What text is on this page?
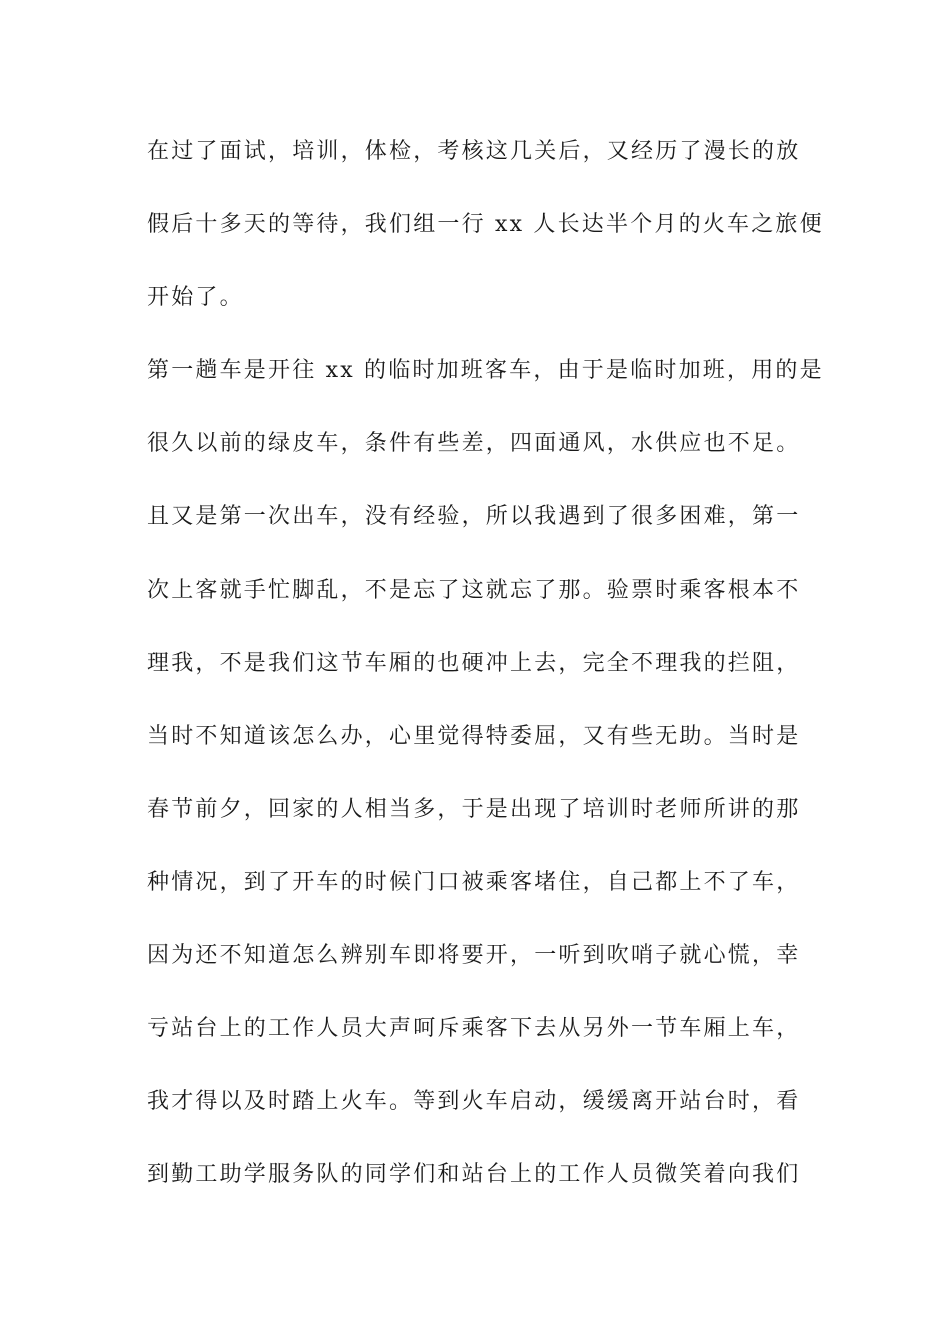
在过了面试，培训，体检，考核这几关后，又经历了漫长的放
假后十多天的等待，我们组一行 xx 人长达半个月的火车之旅便
开始了。
第一趟车是开往 xx 的临时加班客车，由于是临时加班，用的是
很久以前的绿皮车，条件有些差，四面通风，水供应也不足。
且又是第一次出车，没有经验，所以我遇到了很多困难，第一
次上客就手忙脚乱，不是忘了这就忘了那。验票时乘客根本不
理我，不是我们这节车厢的也硬冲上去，完全不理我的拦阻，
当时不知道该怎么办，心里觉得特委屈，又有些无助。当时是
春节前夕，回家的人相当多，于是出现了培训时老师所讲的那
种情况，到了开车的时候门口被乘客堵住，自己都上不了车，
因为还不知道怎么辨别车即将要开，一听到吹哨子就心慌，幸
亏站台上的工作人员大声呵斥乘客下去从另外一节车厢上车，
我才得以及时踏上火车。等到火车启动，缓缓离开站台时，看
到勤工助学服务队的同学们和站台上的工作人员微笑着向我们
